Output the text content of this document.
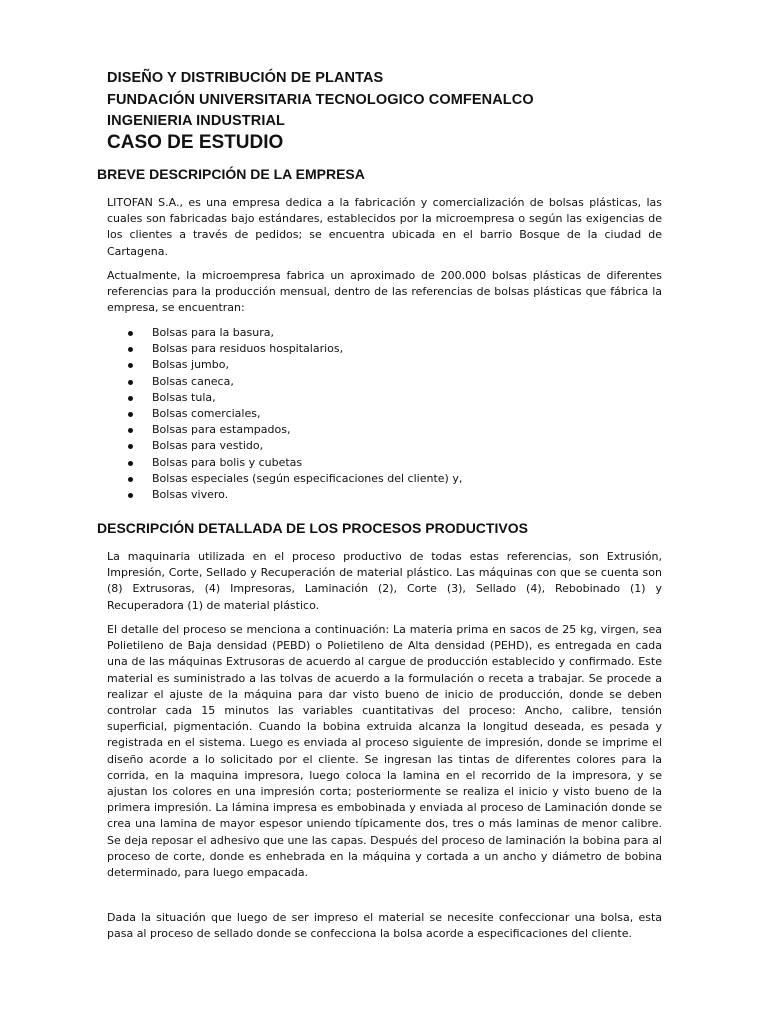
DISEÑO Y DISTRIBUCIÓN DE PLANTAS
FUNDACIÓN UNIVERSITARIA TECNOLOGICO COMFENALCO
INGENIERIA INDUSTRIAL
CASO DE ESTUDIO
BREVE DESCRIPCIÓN DE LA EMPRESA

LITOFAN S.A., es una empresa dedica a la fabricación y comercialización de bolsas plásticas, las cuales son fabricadas bajo estándares, establecidos por la microempresa o según las exigencias de los clientes a través de pedidos; se encuentra ubicada en el barrio Bosque de la ciudad de Cartagena.

Actualmente, la microempresa fabrica un aproximado de 200.000 bolsas plásticas de diferentes referencias para la producción mensual, dentro de las referencias de bolsas plásticas que fábrica la empresa, se encuentran:

Bolsas para la basura,
Bolsas para residuos hospitalarios,
Bolsas jumbo,
Bolsas caneca,
Bolsas tula,
Bolsas comerciales,
Bolsas para estampados,
Bolsas para vestido,
Bolsas para bolis y cubetas
Bolsas especiales (según especificaciones del cliente) y,
Bolsas vivero.
DESCRIPCIÓN DETALLADA DE LOS PROCESOS PRODUCTIVOS

La maquinaria utilizada en el proceso productivo de todas estas referencias, son Extrusión, Impresión, Corte, Sellado y Recuperación de material plástico. Las máquinas con que se cuenta son (8) Extrusoras, (4) Impresoras, Laminación (2), Corte (3), Sellado (4), Rebobinado (1) y Recuperadora (1) de material plástico.

El detalle del proceso se menciona a continuación: La materia prima en sacos de 25 kg, virgen, sea Polietileno de Baja densidad (PEBD) o Polietileno de Alta densidad (PEHD), es entregada en cada una de las máquinas Extrusoras de acuerdo al cargue de producción establecido y confirmado. Este material es suministrado a las tolvas de acuerdo a la formulación o receta a trabajar. Se procede a realizar el ajuste de la máquina para dar visto bueno de inicio de producción, donde se deben controlar cada 15 minutos las variables cuantitativas del proceso: Ancho, calibre, tensión superficial, pigmentación. Cuando la bobina extruida alcanza la longitud deseada, es pesada y registrada en el sistema. Luego es enviada al proceso siguiente de impresión, donde se imprime el diseño acorde a lo solicitado por el cliente. Se ingresan las tintas de diferentes colores para la corrida, en la maquina impresora, luego coloca la lamina en el recorrido de la impresora, y se ajustan los colores en una impresión corta; posteriormente se realiza el inicio y visto bueno de la primera impresión. La lámina impresa es embobinada y enviada al proceso de Laminación donde se crea una lamina de mayor espesor uniendo típicamente dos, tres o más laminas de menor calibre. Se deja reposar el adhesivo que une las capas. Después del proceso de laminación la bobina para al proceso de corte, donde es enhebrada en la máquina y cortada a un ancho y diámetro de bobina determinado, para luego empacada.

Dada la situación que luego de ser impreso el material se necesite confeccionar una bolsa, esta pasa al proceso de sellado donde se confecciona la bolsa acorde a especificaciones del cliente.
